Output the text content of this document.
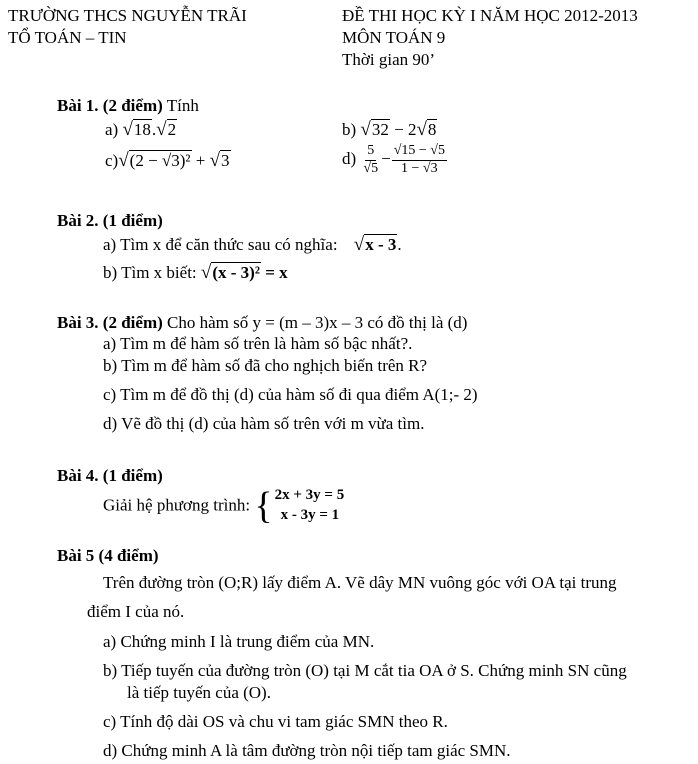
TRƯỜNG THCS NGUYỄN TRÃI
TỔ TOÁN – TIN
ĐỀ THI HỌC KỲ I NĂM HỌC 2012-2013
MÔN TOÁN 9
Thời gian 90’
Bài 1. (2 điểm) Tính
a) √18.√2	b) √32 − 2√8
c)√(2 − √3)² + √3	$d) \frac{5}{√5} - \frac{√15 - √5}{1 - √3}$
Bài 2. (1 điểm)
a) Tìm x để căn thức sau có nghĩa: √x - 3.
b) Tìm x biết: √(x - 3)² = x
Bài 3. (2 điểm) Cho hàm số y = (m – 3)x – 3 có đồ thị là (d)
a) Tìm m để hàm số trên là hàm số bậc nhất?.
b) Tìm m để hàm số đã cho nghịch biến trên R?
c) Tìm m để đồ thị (d) của hàm số đi qua điểm A(1;- 2)
d) Vẽ đồ thị (d) của hàm số trên với m vừa tìm.
Bài 4. (1 điểm)
Giải hệ phương trình: { 2x + 3y = 5
x - 3y = 1
Bài 5 (4 điểm)
Trên đường tròn (O;R) lấy điểm A. Vẽ dây MN vuông góc với OA tại trung
điểm I của nó.
a) Chứng minh I là trung điểm của MN.
b) Tiếp tuyến của đường tròn (O) tại M cắt tia OA ở S. Chứng minh SN cũng
là tiếp tuyến của (O).
c) Tính độ dài OS và chu vi tam giác SMN theo R.
d) Chứng minh A là tâm đường tròn nội tiếp tam giác SMN.
